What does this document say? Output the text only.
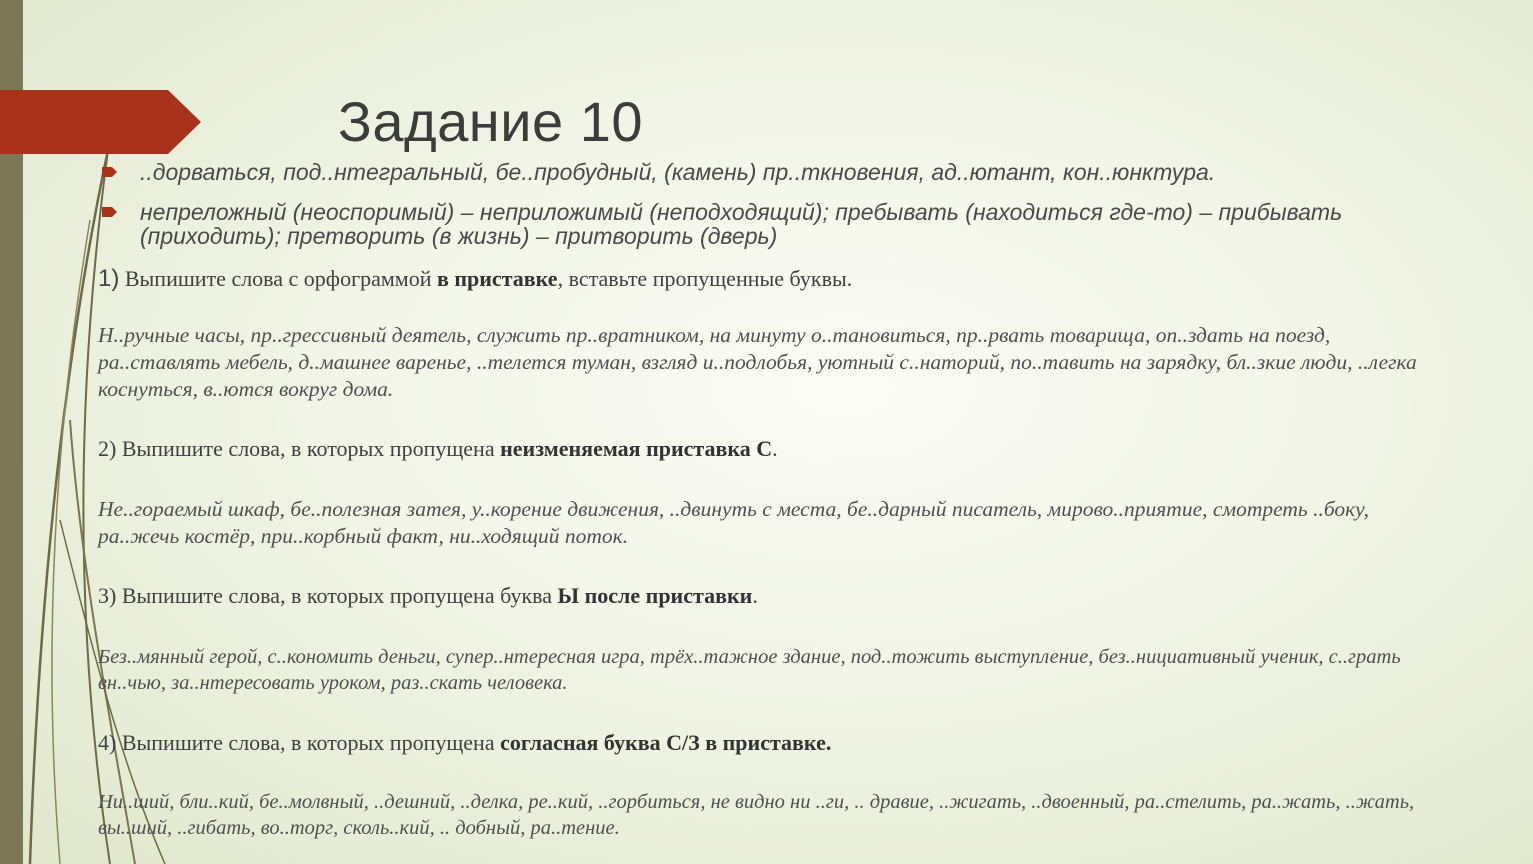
Задание 10
..дорваться, под..нтегральный, бе..пробудный, (камень) пр..ткновения, ад..ютант, кон..юнктура.
непреложный (неоспоримый) – неприложимый (неподходящий); пребывать (находиться где-то) – прибывать (приходить); претворить (в жизнь) – притворить (дверь)
1) Выпишите слова с орфограммой в приставке, вставьте пропущенные буквы.
Н..ручные часы, пр..грессивный деятель, служить пр..вратником, на минуту о..тановиться, пр..рвать товарища, оп..здать на поезд, ра..ставлять мебель, д..машнее варенье, ..телется туман, взгляд и..подлобья, уютный с..наторий, по..тавить на зарядку, бл..зкие люди, ..легка коснуться, в..ются вокруг дома.
2) Выпишите слова, в которых пропущена неизменяемая приставка С.
Не..гораемый шкаф, бе..полезная затея, у..корение движения, ..двинуть с места, бе..дарный писатель, мирово..приятие, смотреть ..боку, ра..жечь костёр, при..корбный факт, ни..ходящий поток.
3) Выпишите слова, в которых пропущена буква Ы после приставки.
Без..мянный герой, с..кономить деньги, супер..нтересная игра, трёх..тажное здание, под..тожить выступление, без..нициативный ученик, с..грать вн..чью, за..нтересовать уроком, раз..скать человека.
4) Выпишите слова, в которых пропущена согласная буква С/З в приставке.
Ни..ший, бли..кий, бе..молвный, ..дешний, ..делка, ре..кий, ..горбиться, не видно ни ..ги, .. дравие, ..жигать, ..двоенный, ра..стелить, ра..жать, ..жать, вы..ший, ..гибать, во..торг, сколь..кий, .. добный, ра..тение.
